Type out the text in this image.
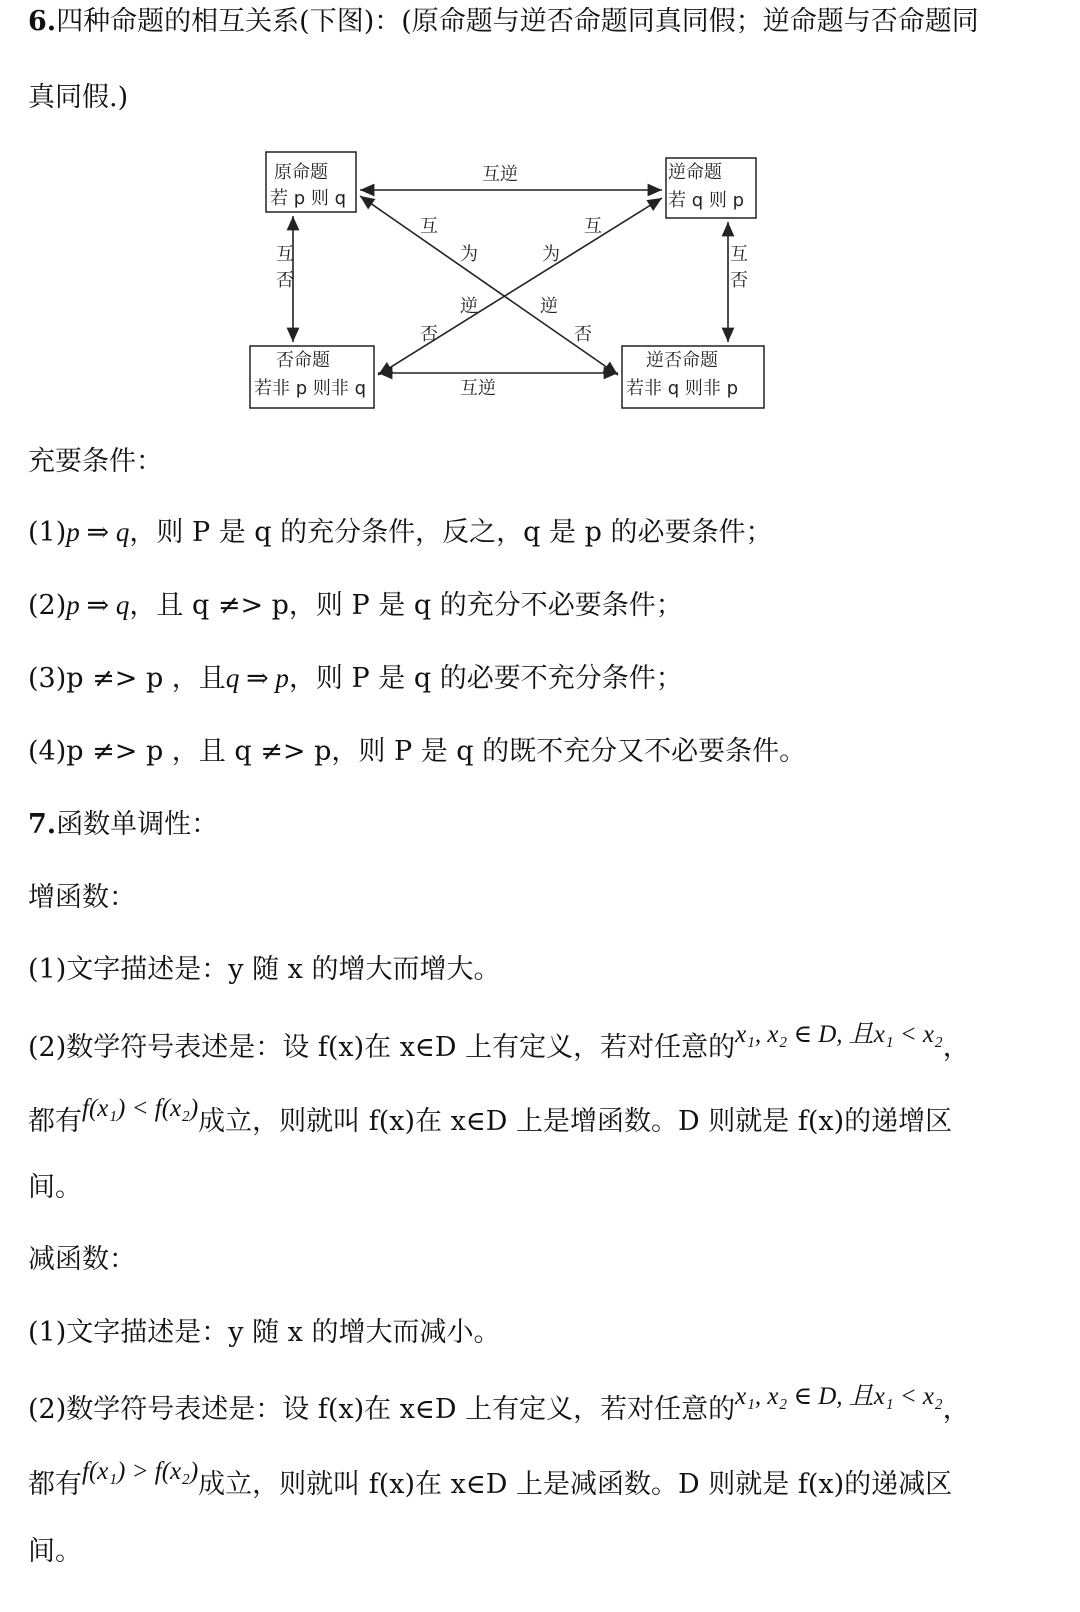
6.四种命题的相互关系(下图)：(原命题与逆否命题同真同假；逆命题与否命题同
真同假.)
原命题
若 p 则 q
逆命题
若 q 则 p
否命题
若非 p 则非 q
逆否命题
若非 q 则非 p
互逆
互逆
互
否
互
否
互
为
逆
否
互
为
逆
否
充要条件：
(1)p ⇒ q，则 P 是 q 的充分条件，反之，q 是 p 的必要条件；
(2)p ⇒ q，且 q ≠> p，则 P 是 q 的充分不必要条件；
(3)p ≠> p ，且q ⇒ p，则 P 是 q 的必要不充分条件；
(4)p ≠> p ，且 q ≠> p，则 P 是 q 的既不充分又不必要条件。
7.函数单调性：
增函数：
(1)文字描述是：y 随 x 的增大而增大。
(2)数学符号表述是：设 f(x)在 x∈D 上有定义，若对任意的x₁, x₂ ∈ D, 且x₁ < x₂，
都有f(x₁) < f(x₂)成立，则就叫 f(x)在 x∈D 上是增函数。D 则就是 f(x)的递增区
间。
减函数：
(1)文字描述是：y 随 x 的增大而减小。
(2)数学符号表述是：设 f(x)在 x∈D 上有定义，若对任意的x₁, x₂ ∈ D, 且x₁ < x₂，
都有f(x₁) > f(x₂)成立，则就叫 f(x)在 x∈D 上是减函数。D 则就是 f(x)的递减区
间。
